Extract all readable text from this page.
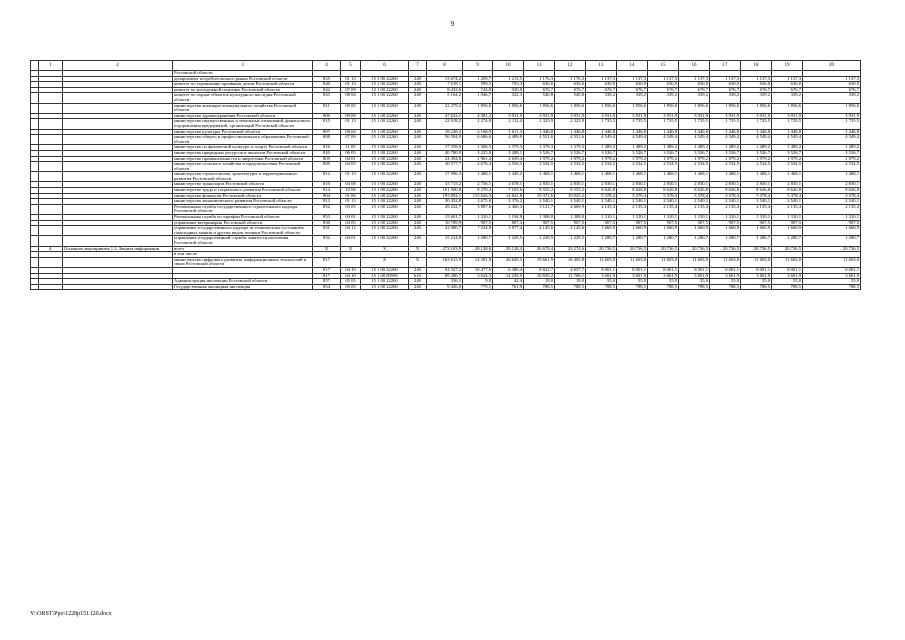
9
	1	2	3	4	5	6	7	8	9	10	11	12	13	14	15	16	17	18	19	20
			Ростовской области																	
			департамент потребительского рынка Ростовской области	825	01 13	15 1 00 22260	240	13 674,2	1 209,7	1 213,5	1 176,3	1 176,3	1 137,3	1 137,3	1 137,3	1 137,3	1 137,3	1 137,3	1 137,3	1 137,3
			комитет по управлению архивным делом Ростовской области	840	01 13	15 1 00 22260	240	7 618,1	599,5	703,4	636,6	636,6	630,0	630,0	630,0	630,0	630,0	630,0	630,0	630,0
			комитет по молодежной политике Ростовской области	842	07 09	15 1 00 22260	240	8 432,6	744,8	920,8	676,7	676,7	676,7	676,7	676,7	676,7	676,7	676,7	676,7	676,7
			комитет по охране объектов культурного наследия Ростовской области	843	08 04	15 1 00 22260	240	5 164,2	1 046,7	322,3	540,8	540,8	339,2	339,2	339,2	339,2	339,2	339,2	339,2	339,2
			министерство жилищно-коммунального хозяйства Ростовской области	811	05 05	15 1 00 22260	240	22 279,2	1 856,6	1 856,6	1 856,6	1 856,6	1 856,6	1 856,6	1 856,6	1 856,6	1 856,6	1 856,6	1 856,6	1 856,6
			министерство здравоохранения Ростовской области	806	09 09	15 1 00 22260	240	47 632,1	4 381,2	3 931,9	3 931,9	3 931,9	3 931,9	3 931,9	3 931,9	3 931,9	3 931,9	3 931,9	3 931,9	3 931,9
			министерство имущественных и земельных отношений, финансового оздоровления предприятий, организаций Ростовской области	815	01 13	15 1 00 22260	240	22 918,2	2 274,0	2 112,4	2 323,9	2 323,9	1 735,5	1 735,5	1 735,5	1 735,5	1 735,5	1 735,5	1 735,5	1 735,5
			министерство культуры Ростовской области	807	08 04	15 1 00 22260	240	18 248,2	2 168,9	1 611,3	1 446,8	1 446,8	1 446,8	1 446,8	1 446,8	1 446,8	1 446,8	1 446,8	1 446,8	1 446,8
			министерство общего и профессионального образования Ростовской области	808	07 09	15 1 00 22260	240	56 594,9	6 686,6	4 409,9	4 551,6	4 551,6	4 549,4	4 549,4	4 549,4	4 549,4	4 549,4	4 549,4	4 549,4	4 549,4
			министерство по физической культуре и спорту Ростовской области	816	11 05	15 1 00 22260	240	17 358,0	1 306,5	1 379,3	1 379,3	1 379,3	1 489,2	1 489,2	1 489,2	1 489,2	1 489,2	1 489,2	1 489,2	1 489,2
			министерство природных ресурсов и экологии Ростовской области	820	06 05	15 1 00 22260	240	40 780,9	3 225,8	3 288,1	3 526,7	3 526,7	3 526,7	3 526,7	3 526,7	3 526,7	3 526,7	3 526,7	3 526,7	3 526,7
			министерство промышленности и энергетики Ростовской области	805	04 01	15 1 00 22260	240	24 394,8	1 961,4	2 639,4	1 979,2	1 979,2	1 979,2	1 979,2	1 979,2	1 979,2	1 979,2	1 979,2	1 979,2	1 979,2
			министерство сельского хозяйства и продовольствия Ростовской области	809	04 05	15 1 00 22260	240	30 577,7	2 676,4	2 556,3	2 534,5	2 534,5	2 534,5	2 534,5	2 534,5	2 534,5	2 534,5	2 534,5	2 534,5	2 534,5
			министерство строительства, архитектуры и территориального развития Ростовской области	812	01 13	15 1 00 22260	240	17 596,3	1 468,1	1 449,2	1 468,1	1 468,1	1 468,1	1 468,1	1 468,1	1 468,1	1 468,1	1 468,1	1 468,1	1 468,1
			министерство транспорта Ростовской области	810	04 08	15 1 00 22260	240	33 715,2	2 736,1	2 678,1	2 830,1	2 830,1	2 830,1	2 830,1	2 830,1	2 830,1	2 830,1	2 830,1	2 830,1	2 830,1
			министерство труда и социального развития Ростовской области	814	10 06	15 1 00 22260	240	101 500,8	8 270,4	7 105,6	8 555,2	8 555,2	8 626,8	8 626,8	8 626,8	8 626,8	8 626,8	8 626,8	8 626,8	8 626,8
			министерство финансов Ростовской области	804	01 06	15 1 00 22260	240	193 892,1	115 626,3	14 841,8	10 371,6	10 025,2	5 378,4	5 378,4	5 378,4	5 378,4	5 378,4	5 378,4	5 378,4	5 378,4
			министерство экономического развития Ростовской области	813	01 13	15 1 00 22260	240	30 452,8	2 675,6	2 376,2	2 540,1	2 540,1	2 540,1	2 540,1	2 540,1	2 540,1	2 540,1	2 540,1	2 540,1	2 540,1
			Региональная служба государственного строительного надзора Ростовской области	852	05 05	15 1 00 22260	240	29 222,7	3 887,6	2 460,3	3 121,7	2 669,9	2 135,4	2 135,4	2 135,4	2 135,4	2 135,4	2 135,4	2 135,4	2 135,4
			Региональная служба по тарифам Ростовской области	853	04 01	15 1 00 22260	240	15 601,7	1 310,1	1 194,8	1 308,0	1 308,0	1 310,1	1 310,1	1 310,1	1 310,1	1 310,1	1 310,1	1 310,1	1 310,1
			управление ветеринарии Ростовской области	830	04 05	15 1 00 22260	240	10 789,9	907,5	807,4	907,5	907,5	907,5	907,5	907,5	907,5	907,5	907,5	907,5	907,5
			управление государственного надзора за техническим состоянием самоходных машин и других видов техники Ростовской области	831	04 12	15 1 00 22260	240	32 980,7	7 524,9	3 877,4	4 145,6	4 145,6	1 660,9	1 660,9	1 660,9	1 660,9	1 660,9	1 660,9	1 660,9	1 660,9
			управление государственной службы занятости населения Ростовской области	832	04 01	15 1 00 22260	240	15 214,8	1 280,7	1 229,5	1 229,5	1 229,5	1 280,7	1 280,7	1 280,7	1 280,7	1 280,7	1 280,7	1 280,7	1 280,7
	4.	Основное мероприятие 1.2. Защита информации	всего	X	X	X	X	273 103,9	28 128,6	29 128,4	26 679,4	23 274,6	20 736,5	20 736,5	20 736,5	20 736,5	20 736,5	20 736,5	20 736,5	20 736,5
			в том числе:																	
			министерство цифрового развития, информационных технологий и связи Ростовской области	817		X	X	163 613,9	14 301,9	20 620,3	19 661,9	16 405,8	11 603,0	11 603,0	11 603,0	11 603,0	11 603,0	11 603,0	11 603,0	11 603,0
				817	04 10	15 1 00 22260	240	94 327,2	10 477,6	6 380,4	8 822,7	4 637,7	8 001,1	8 001,1	8 001,1	8 001,1	8 001,1	8 001,1	8 001,1	8 001,1
				817	04 10	15 1 00 00590	610	69 286,7	3 624,3	14 239,9	10 839,2	11 768,1	3 601,9	3 601,9	3 601,9	3 601,9	3 601,9	3 601,9	3 601,9	3 601,9
			Администрация инспекции Ростовской области	857	05 05	15 1 00 22260	240	336,2	9,8	42,4	19,0	19,0	55,0	55,0	55,0	55,0	55,0	55,0	55,0	55,0
			Государственная жилищная инспекция	854	05 05	15 1 00 22260	240	9 426,0	779,1	761,9	788,5	788,5	788,5	788,5	788,5	788,5	788,5	788,5	788,5	788,5
Y:\ORST\Ppo\1228p151.f20.docx
